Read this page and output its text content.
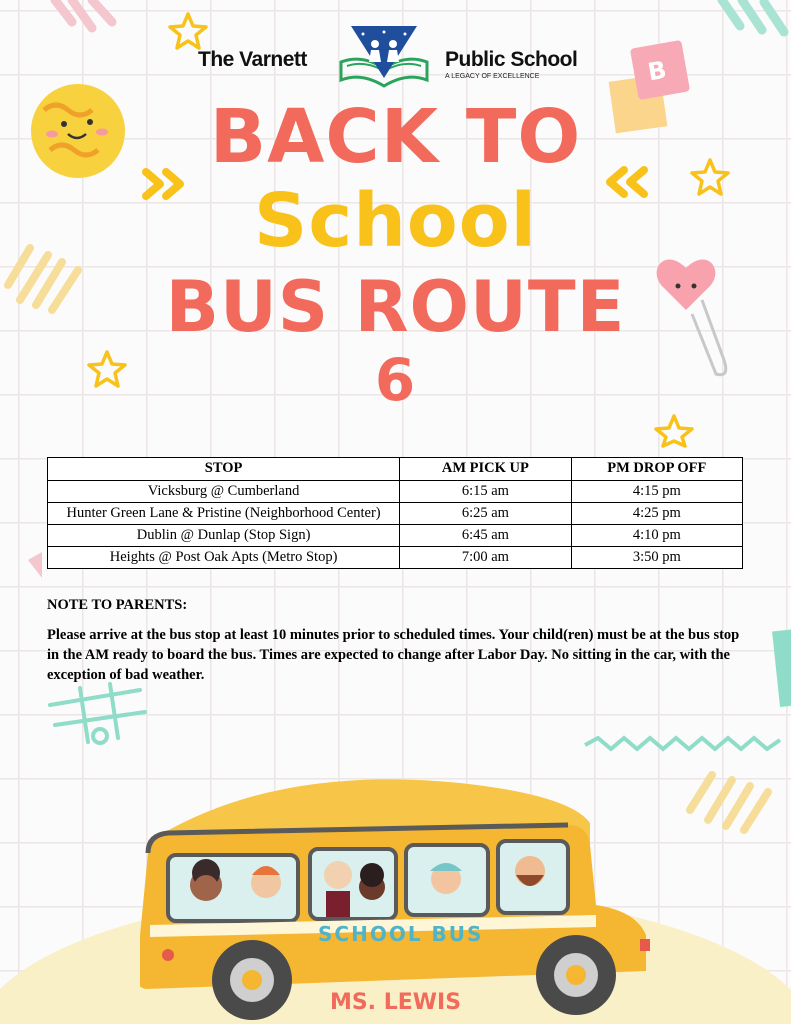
B
The Varnett	Public School
A LEGACY OF EXCELLENCE
BACK TO
School
BUS ROUTE
6
STOP	AM PICK UP	PM DROP OFF
Vicksburg @ Cumberland	6:15 am	4:15 pm
Hunter Green Lane & Pristine (Neighborhood Center)	6:25 am	4:25 pm
Dublin @ Dunlap (Stop Sign)	6:45 am	4:10 pm
Heights @ Post Oak Apts (Metro Stop)	7:00 am	3:50 pm
NOTE TO PARENTS:
Please arrive at the bus stop at least 10 minutes prior to scheduled times. Your child(ren) must be at the bus stop in the AM ready to board the bus. Times are expected to change after Labor Day. No sitting in the car, with the exception of bad weather.
SCHOOL BUS
MS. LEWIS
